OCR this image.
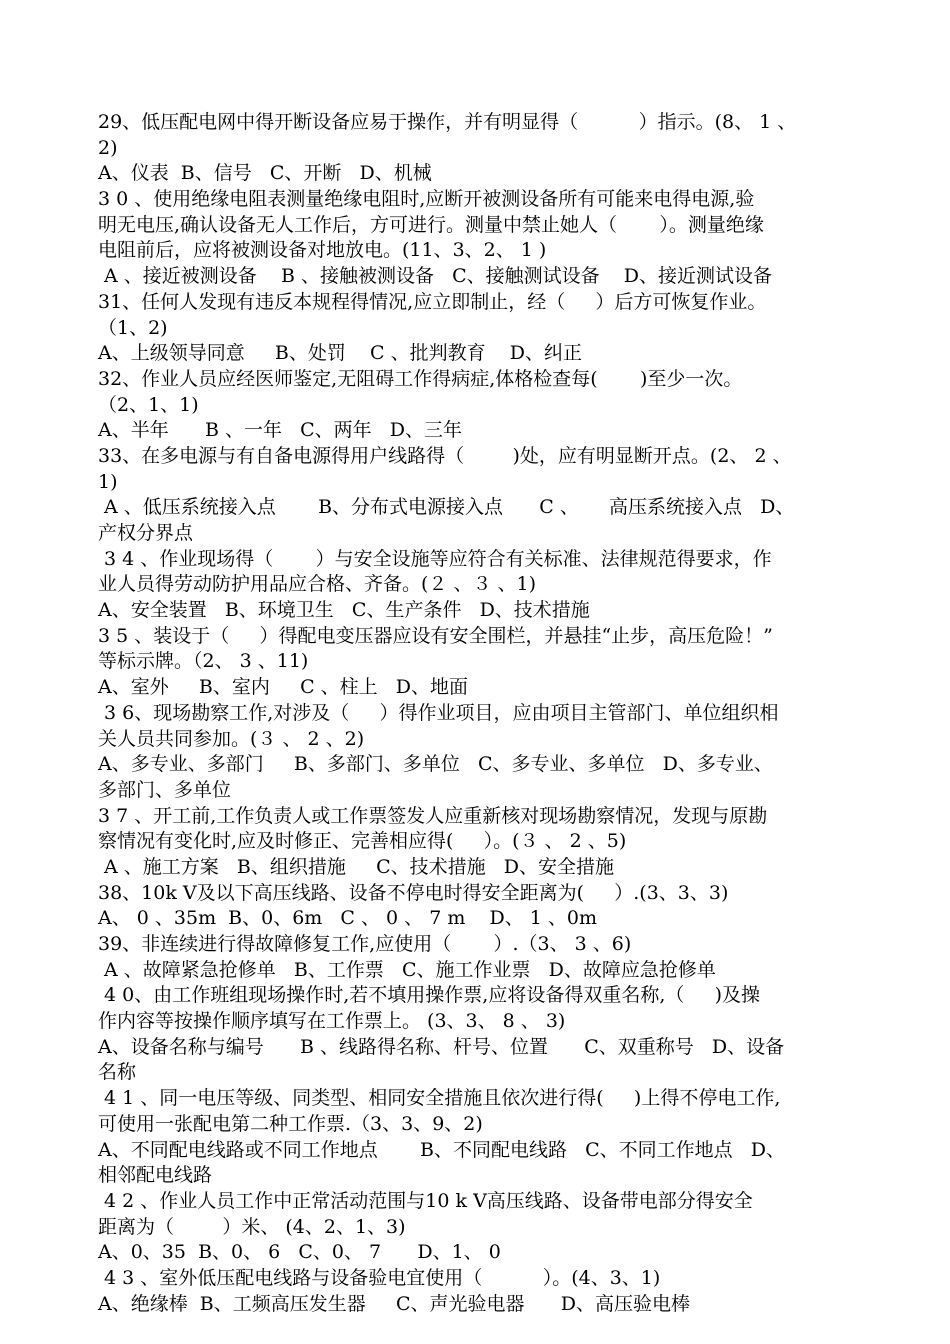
29、低压配电网中得开断设备应易于操作，并有明显得（          ）指示。(8、 1 、
2)
A、仪表  B、信号   C、开断   D、机械
3 0 、使用绝缘电阻表测量绝缘电阻时,应断开被测设备所有可能来电得电源,验
明无电压,确认设备无人工作后，方可进行。测量中禁止她人（       ）。测量绝缘
电阻前后，应将被测设备对地放电。(11、3、2、 1 )
A 、接近被测设备    B 、接触被测设备   C、接触测试设备    D、接近测试设备
31、任何人发现有违反本规程得情况,应立即制止，经（     ）后方可恢复作业。
（1、2)
A、上级领导同意     B、处罚    C 、批判教育    D、纠正
32、作业人员应经医师鉴定,无阻碍工作得病症,体格检查每(       )至少一次。
（2、1、1)
A、半年      B 、一年   C、两年   D、三年
33、在多电源与有自备电源得用户线路得（        )处，应有明显断开点。(2、 2 、
1)
A 、低压系统接入点       B、分布式电源接入点      C 、     高压系统接入点   D、
产权分界点
3 4 、作业现场得（       ）与安全设施等应符合有关标准、法律规范得要求，作
业人员得劳动防护用品应合格、齐备。(２ 、３ 、1)
A、安全装置   B、环境卫生   C、生产条件   D、技术措施
3 5 、装设于（     ）得配电变压器应设有安全围栏，并悬挂“止步，高压危险！”
等标示牌。（2、 3 、11)
A、室外     B、室内     C 、柱上   D、地面
3 6、现场勘察工作,对涉及（     ）得作业项目，应由项目主管部门、单位组织相
关人员共同参加。(３ 、 2 、2)
A、多专业、多部门     B、多部门、多单位   C、多专业、多单位   D、多专业、
多部门、多单位
3 7 、开工前,工作负责人或工作票签发人应重新核对现场勘察情况，发现与原勘
察情况有变化时,应及时修正、完善相应得(     ）。(３ 、 2 、5)
A 、施工方案   B、组织措施     C、技术措施   D、安全措施
38、10k V及以下高压线路、设备不停电时得安全距离为(     ）.(3、3、3)
A、 0 、35m  B、0、6m   C 、 0 、 7 m    D、 1 、0m
39、非连续进行得故障修复工作,应使用（       ）.（3、 3 、6)
A 、故障紧急抢修单   B、工作票   C、施工作业票   D、故障应急抢修单
4 0、由工作班组现场操作时,若不填用操作票,应将设备得双重名称,（     )及操
作内容等按操作顺序填写在工作票上。 (3、3、 8 、 3)
A、设备名称与编号      B 、线路得名称、杆号、位置      C、双重称号   D、设备
名称
4 1 、同一电压等级、同类型、相同安全措施且依次进行得(     )上得不停电工作,
可使用一张配电第二种工作票.（3、3、9、2)
A、不同配电线路或不同工作地点       B、不同配电线路   C、不同工作地点   D、
相邻配电线路
4 2 、作业人员工作中正常活动范围与10 k V高压线路、设备带电部分得安全
距离为（        ）米、 (4、2、1、3)
A、0、35  B、0、 6   C、0、 7      D、1、 0
4 3 、室外低压配电线路与设备验电宜使用（          ）。(4、3、1)
A、绝缘棒  B、工频高压发生器     C、声光验电器      D、高压验电棒
